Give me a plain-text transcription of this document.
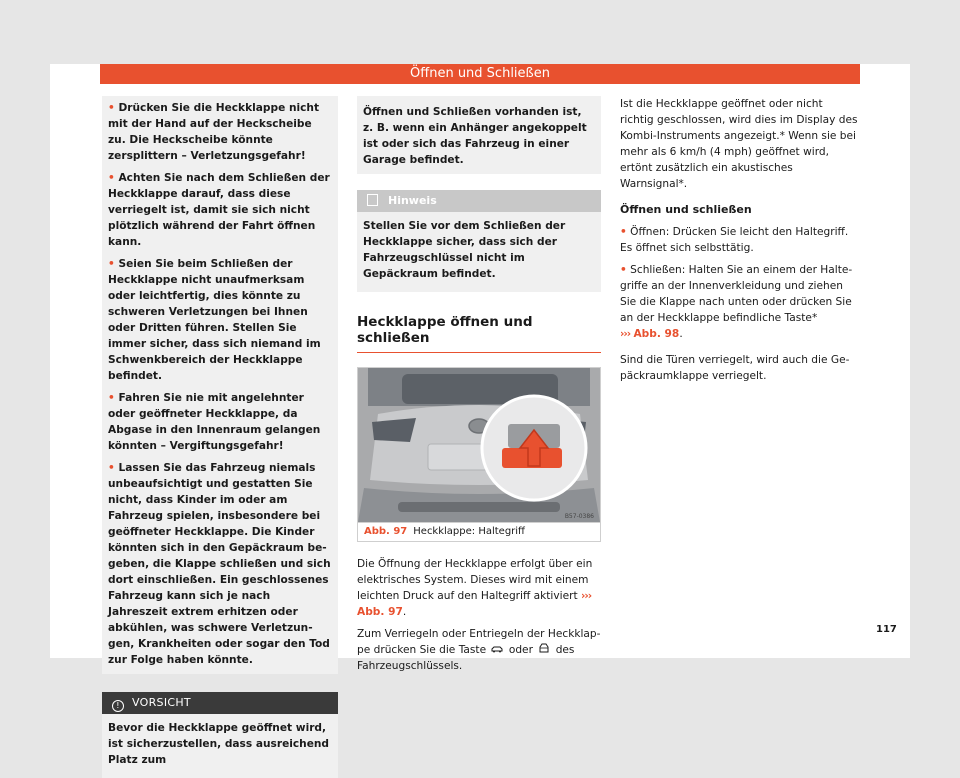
Öffnen und Schließen

• Drücken Sie die Heckklappe nicht mit der Hand auf der Heckscheibe zu. Die Heckscheibe könnte zersplittern – Verletzungsgefahr!

• Achten Sie nach dem Schließen der Heckklappe darauf, dass diese verriegelt ist, damit sie sich nicht plötzlich während der Fahrt öffnen kann.

• Seien Sie beim Schließen der Heckklappe nicht unaufmerksam oder leichtfertig, dies könnte zu schweren Verletzungen bei Ihnen oder Dritten führen. Stellen Sie immer sicher, dass sich niemand im Schwenkbereich der Heckklappe befindet.

• Fahren Sie nie mit angelehnter oder geöffneter Heckklappe, da Abgase in den Innenraum gelangen könnten – Vergiftungsgefahr!

• Lassen Sie das Fahrzeug niemals unbeaufsichtigt und gestatten Sie nicht, dass Kinder im oder am Fahrzeug spielen, insbesondere bei geöffneter Heckklappe. Die Kinder könnten sich in den Gepäckraum begeben, die Klappe schließen und sich dort einschließen. Ein geschlossenes Fahrzeug kann sich je nach Jahreszeit extrem erhitzen oder abkühlen, was schwere Verletzungen, Krankheiten oder sogar den Tod zur Folge haben könnte.

! VORSICHT
Bevor die Heckklappe geöffnet wird, ist sicherzustellen, dass ausreichend Platz zum
Öffnen und Schließen vorhanden ist, z. B. wenn ein Anhänger angekoppelt ist oder sich das Fahrzeug in einer Garage befindet.
Hinweis
Stellen Sie vor dem Schließen der Heckklappe sicher, dass sich der Fahrzeugschlüssel nicht im Gepäckraum befindet.
Heckklappe öffnen und schließen
B57-0386
Abb. 97 Heckklappe: Haltegriff

Die Öffnung der Heckklappe erfolgt über ein elektrisches System. Dieses wird mit einem leichten Druck auf den Haltegriff aktiviert ››› Abb. 97.

Zum Verriegeln oder Entriegeln der Heckklappe drücken Sie die Taste oder des Fahrzeugschlüssels.

Ist die Heckklappe geöffnet oder nicht richtig geschlossen, wird dies im Display des Kombi-Instruments angezeigt.* Wenn sie bei mehr als 6 km/h (4 mph) geöffnet wird, ertönt zusätzlich ein akustisches Warnsignal*.

Öffnen und schließen

• Öffnen: Drücken Sie leicht den Haltegriff. Es öffnet sich selbsttätig.

• Schließen: Halten Sie an einem der Haltegriffe an der Innenverkleidung und ziehen Sie die Klappe nach unten oder drücken Sie an der Heckklappe befindliche Taste*
››› Abb. 98.

Sind die Türen verriegelt, wird auch die Gepäckraumklappe verriegelt.

117
